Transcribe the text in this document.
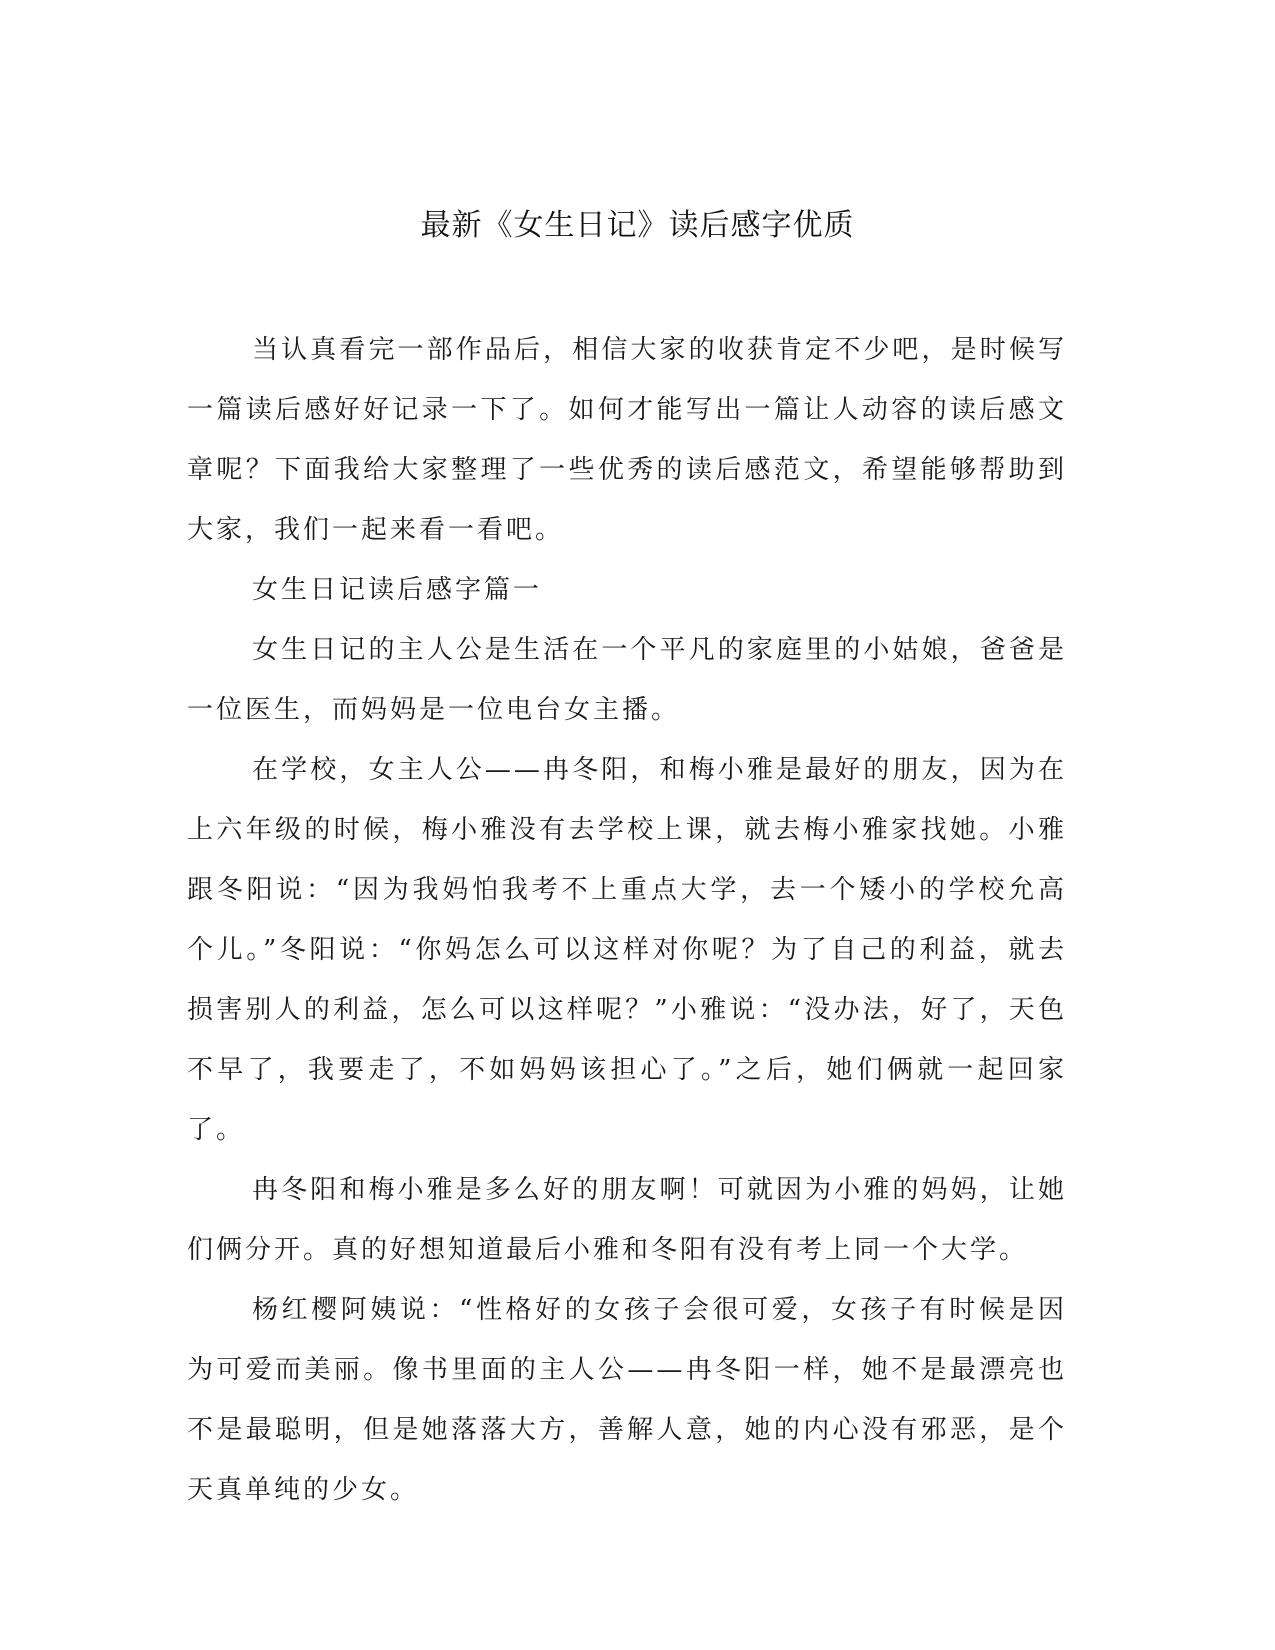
最新《女生日记》读后感字优质

当认真看完一部作品后，相信大家的收获肯定不少吧，是时候写一篇读后感好好记录一下了。如何才能写出一篇让人动容的读后感文章呢？下面我给大家整理了一些优秀的读后感范文，希望能够帮助到大家，我们一起来看一看吧。

女生日记读后感字篇一

女生日记的主人公是生活在一个平凡的家庭里的小姑娘，爸爸是一位医生，而妈妈是一位电台女主播。

在学校，女主人公——冉冬阳，和梅小雅是最好的朋友，因为在上六年级的时候，梅小雅没有去学校上课，就去梅小雅家找她。小雅跟冬阳说：“因为我妈怕我考不上重点大学，去一个矮小的学校允高个儿。”冬阳说：“你妈怎么可以这样对你呢？为了自己的利益，就去损害别人的利益，怎么可以这样呢？”小雅说：“没办法，好了，天色不早了，我要走了，不如妈妈该担心了。”之后，她们俩就一起回家了。

冉冬阳和梅小雅是多么好的朋友啊！可就因为小雅的妈妈，让她们俩分开。真的好想知道最后小雅和冬阳有没有考上同一个大学。

杨红樱阿姨说：“性格好的女孩子会很可爱，女孩子有时候是因为可爱而美丽。像书里面的主人公——冉冬阳一样，她不是最漂亮也不是最聪明，但是她落落大方，善解人意，她的内心没有邪恶，是个天真单纯的少女。
